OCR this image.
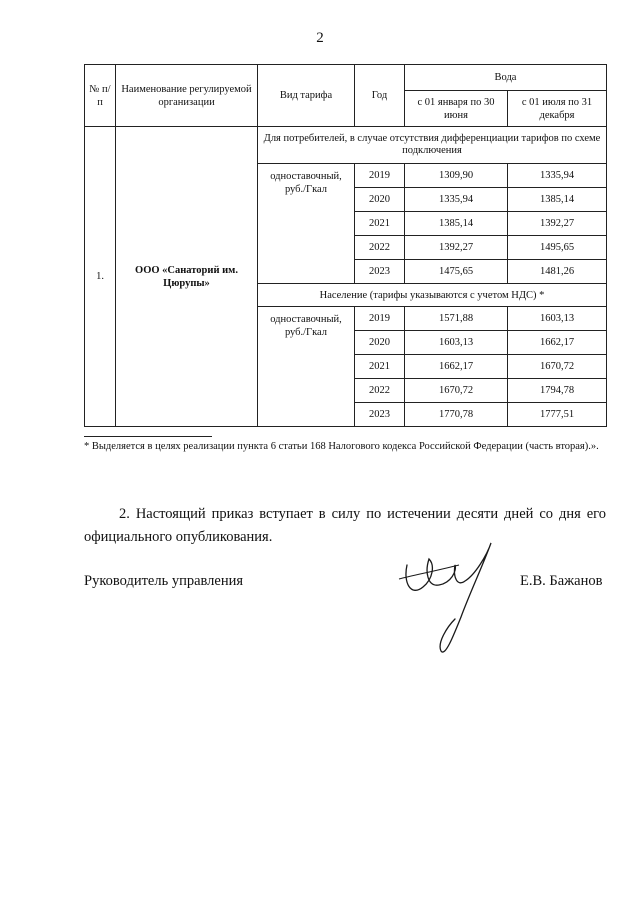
2
№ п/п	Наименование регулируемой организации	Вид тарифа	Год	Вода	
				с 01 января по 30 июня	с 01 июля по 31 декабря
1.	ООО «Санаторий им. Цюрупы»	Для потребителей, в случае отсутствия дифференциации тарифов по схеме подключения			
		одноставочный, руб./Гкал	2019	1309,90	1335,94
			2020	1335,94	1385,14
			2021	1385,14	1392,27
			2022	1392,27	1495,65
			2023	1475,65	1481,26
		Население (тарифы указываются с учетом НДС) *			
		одноставочный, руб./Гкал	2019	1571,88	1603,13
			2020	1603,13	1662,17
			2021	1662,17	1670,72
			2022	1670,72	1794,78
			2023	1770,78	1777,51
* Выделяется в целях реализации пункта 6 статьи 168 Налогового кодекса Российской Федерации (часть вторая).».
2. Настоящий приказ вступает в силу по истечении десяти дней со дня его официального опубликования.
Руководитель управления	Е.В. Бажанов
